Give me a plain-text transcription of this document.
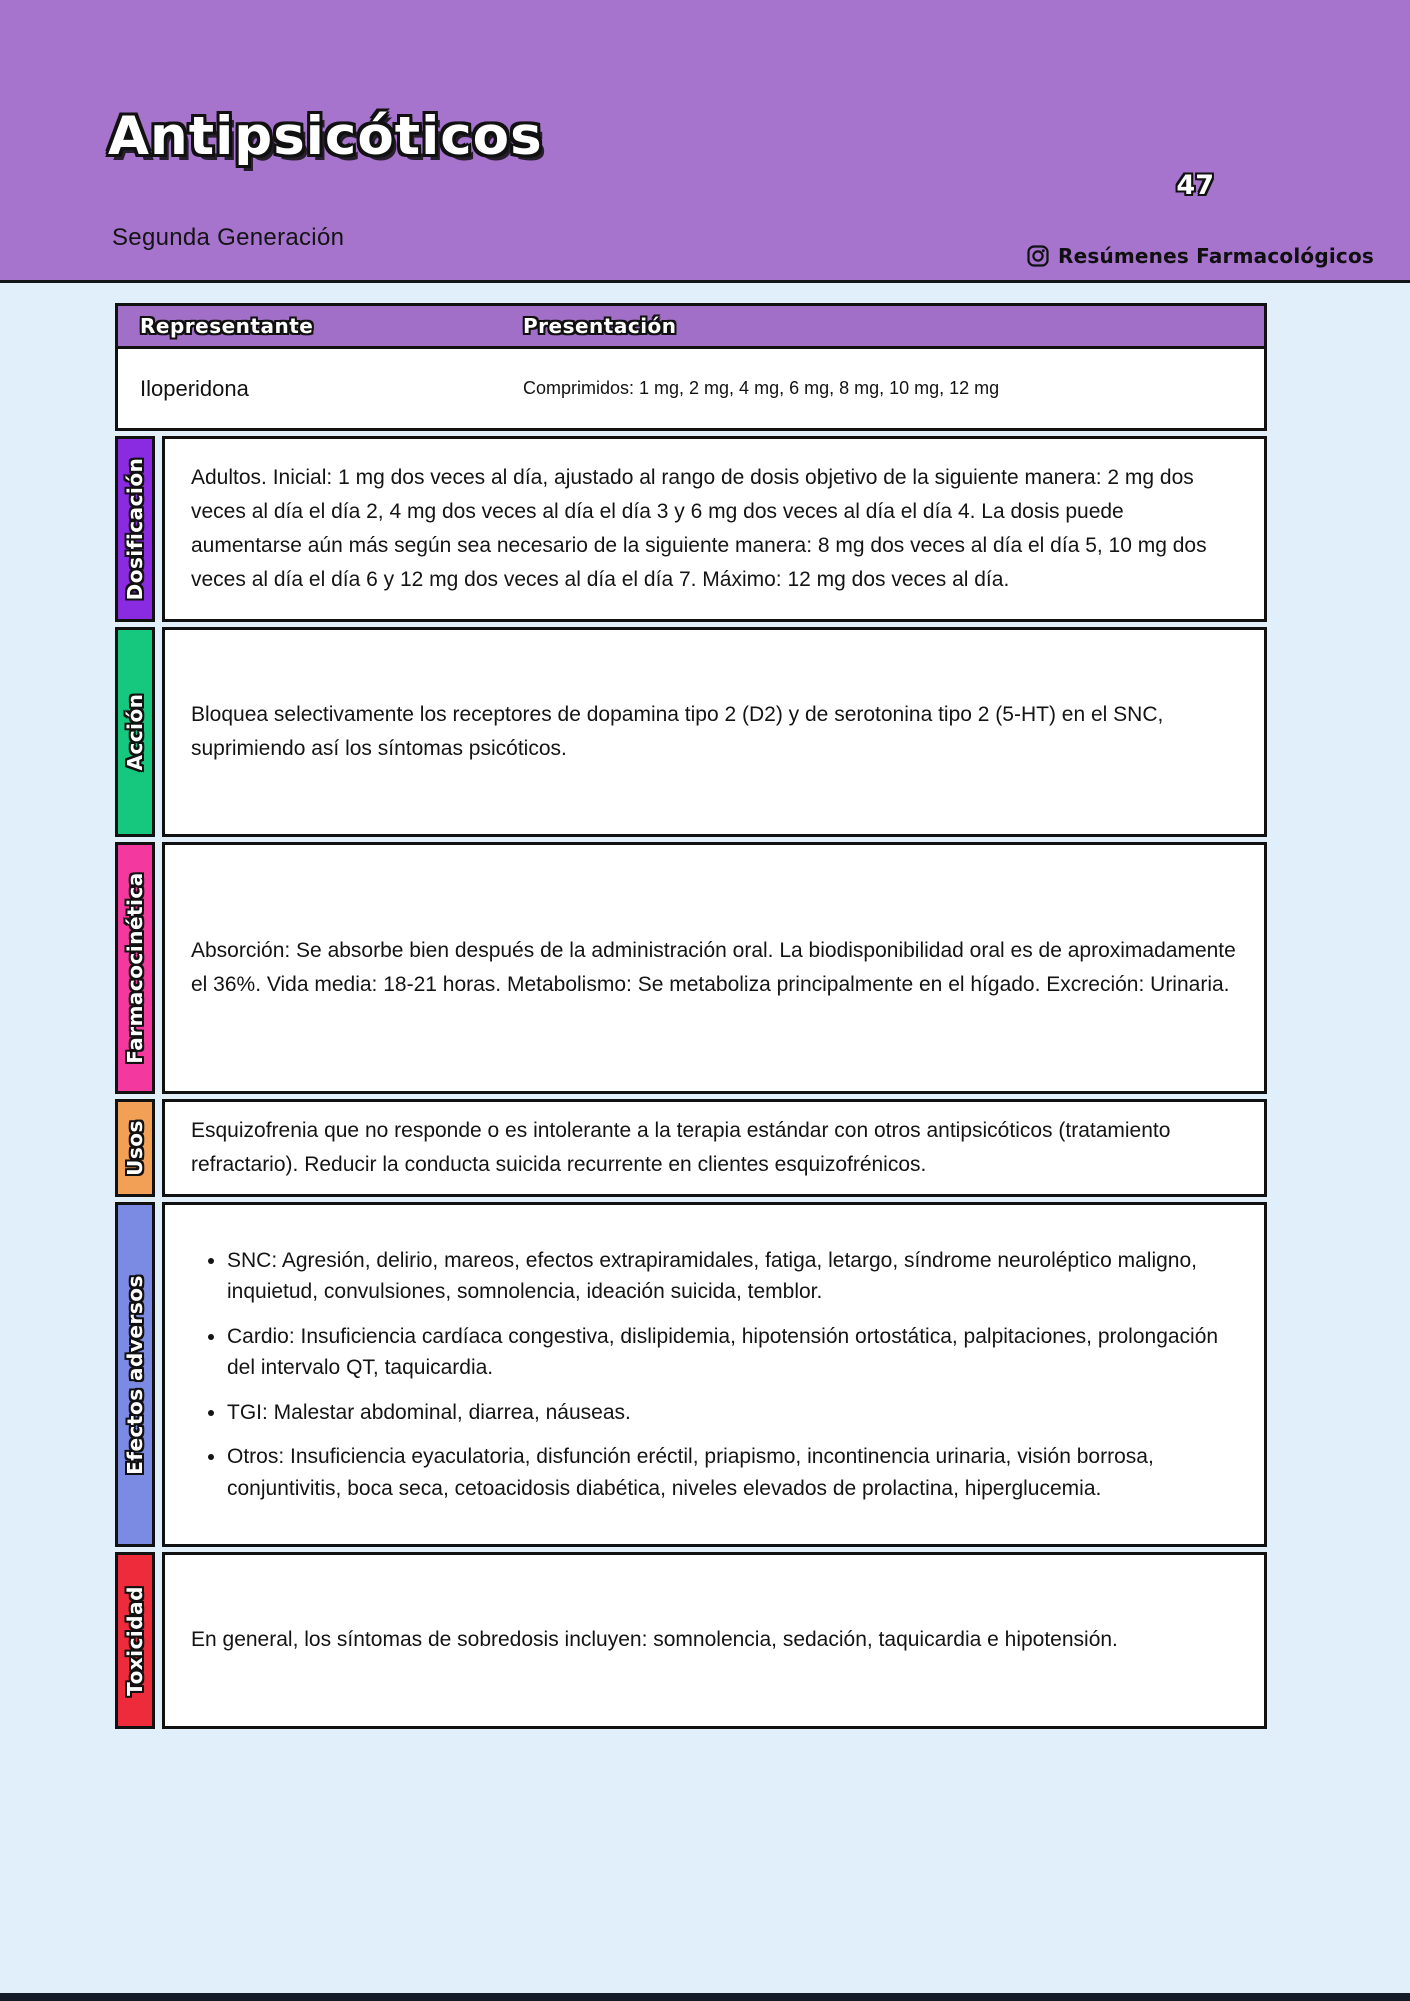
Antipsicóticos
47
Segunda Generación
Resúmenes Farmacológicos
Representante	Presentación
Iloperidona	Comprimidos: 1 mg, 2 mg, 4 mg, 6 mg, 8 mg, 10 mg, 12 mg
Dosificación Adultos. Inicial: 1 mg dos veces al día, ajustado al rango de dosis objetivo de la siguiente manera: 2 mg dos veces al día el día 2, 4 mg dos veces al día el día 3 y 6 mg dos veces al día el día 4. La dosis puede aumentarse aún más según sea necesario de la siguiente manera: 8 mg dos veces al día el día 5, 10 mg dos veces al día el día 6 y 12 mg dos veces al día el día 7. Máximo: 12 mg dos veces al día.

Acción Bloquea selectivamente los receptores de dopamina tipo 2 (D2) y de serotonina tipo 2 (5-HT) en el SNC, suprimiendo así los síntomas psicóticos.

Farmacocinética Absorción: Se absorbe bien después de la administración oral. La biodisponibilidad oral es de aproximadamente el 36%. Vida media: 18-21 horas. Metabolismo: Se metaboliza principalmente en el hígado. Excreción: Urinaria.

Usos Esquizofrenia que no responde o es intolerante a la terapia estándar con otros antipsicóticos (tratamiento refractario). Reducir la conducta suicida recurrente en clientes esquizofrénicos.

Efectos adversos
• SNC: Agresión, delirio, mareos, efectos extrapiramidales, fatiga, letargo, síndrome neuroléptico maligno, inquietud, convulsiones, somnolencia, ideación suicida, temblor.
• Cardio: Insuficiencia cardíaca congestiva, dislipidemia, hipotensión ortostática, palpitaciones, prolongación del intervalo QT, taquicardia.
• TGI: Malestar abdominal, diarrea, náuseas.
• Otros: Insuficiencia eyaculatoria, disfunción eréctil, priapismo, incontinencia urinaria, visión borrosa, conjuntivitis, boca seca, cetoacidosis diabética, niveles elevados de prolactina, hiperglucemia.
Toxicidad En general, los síntomas de sobredosis incluyen: somnolencia, sedación, taquicardia e hipotensión.
